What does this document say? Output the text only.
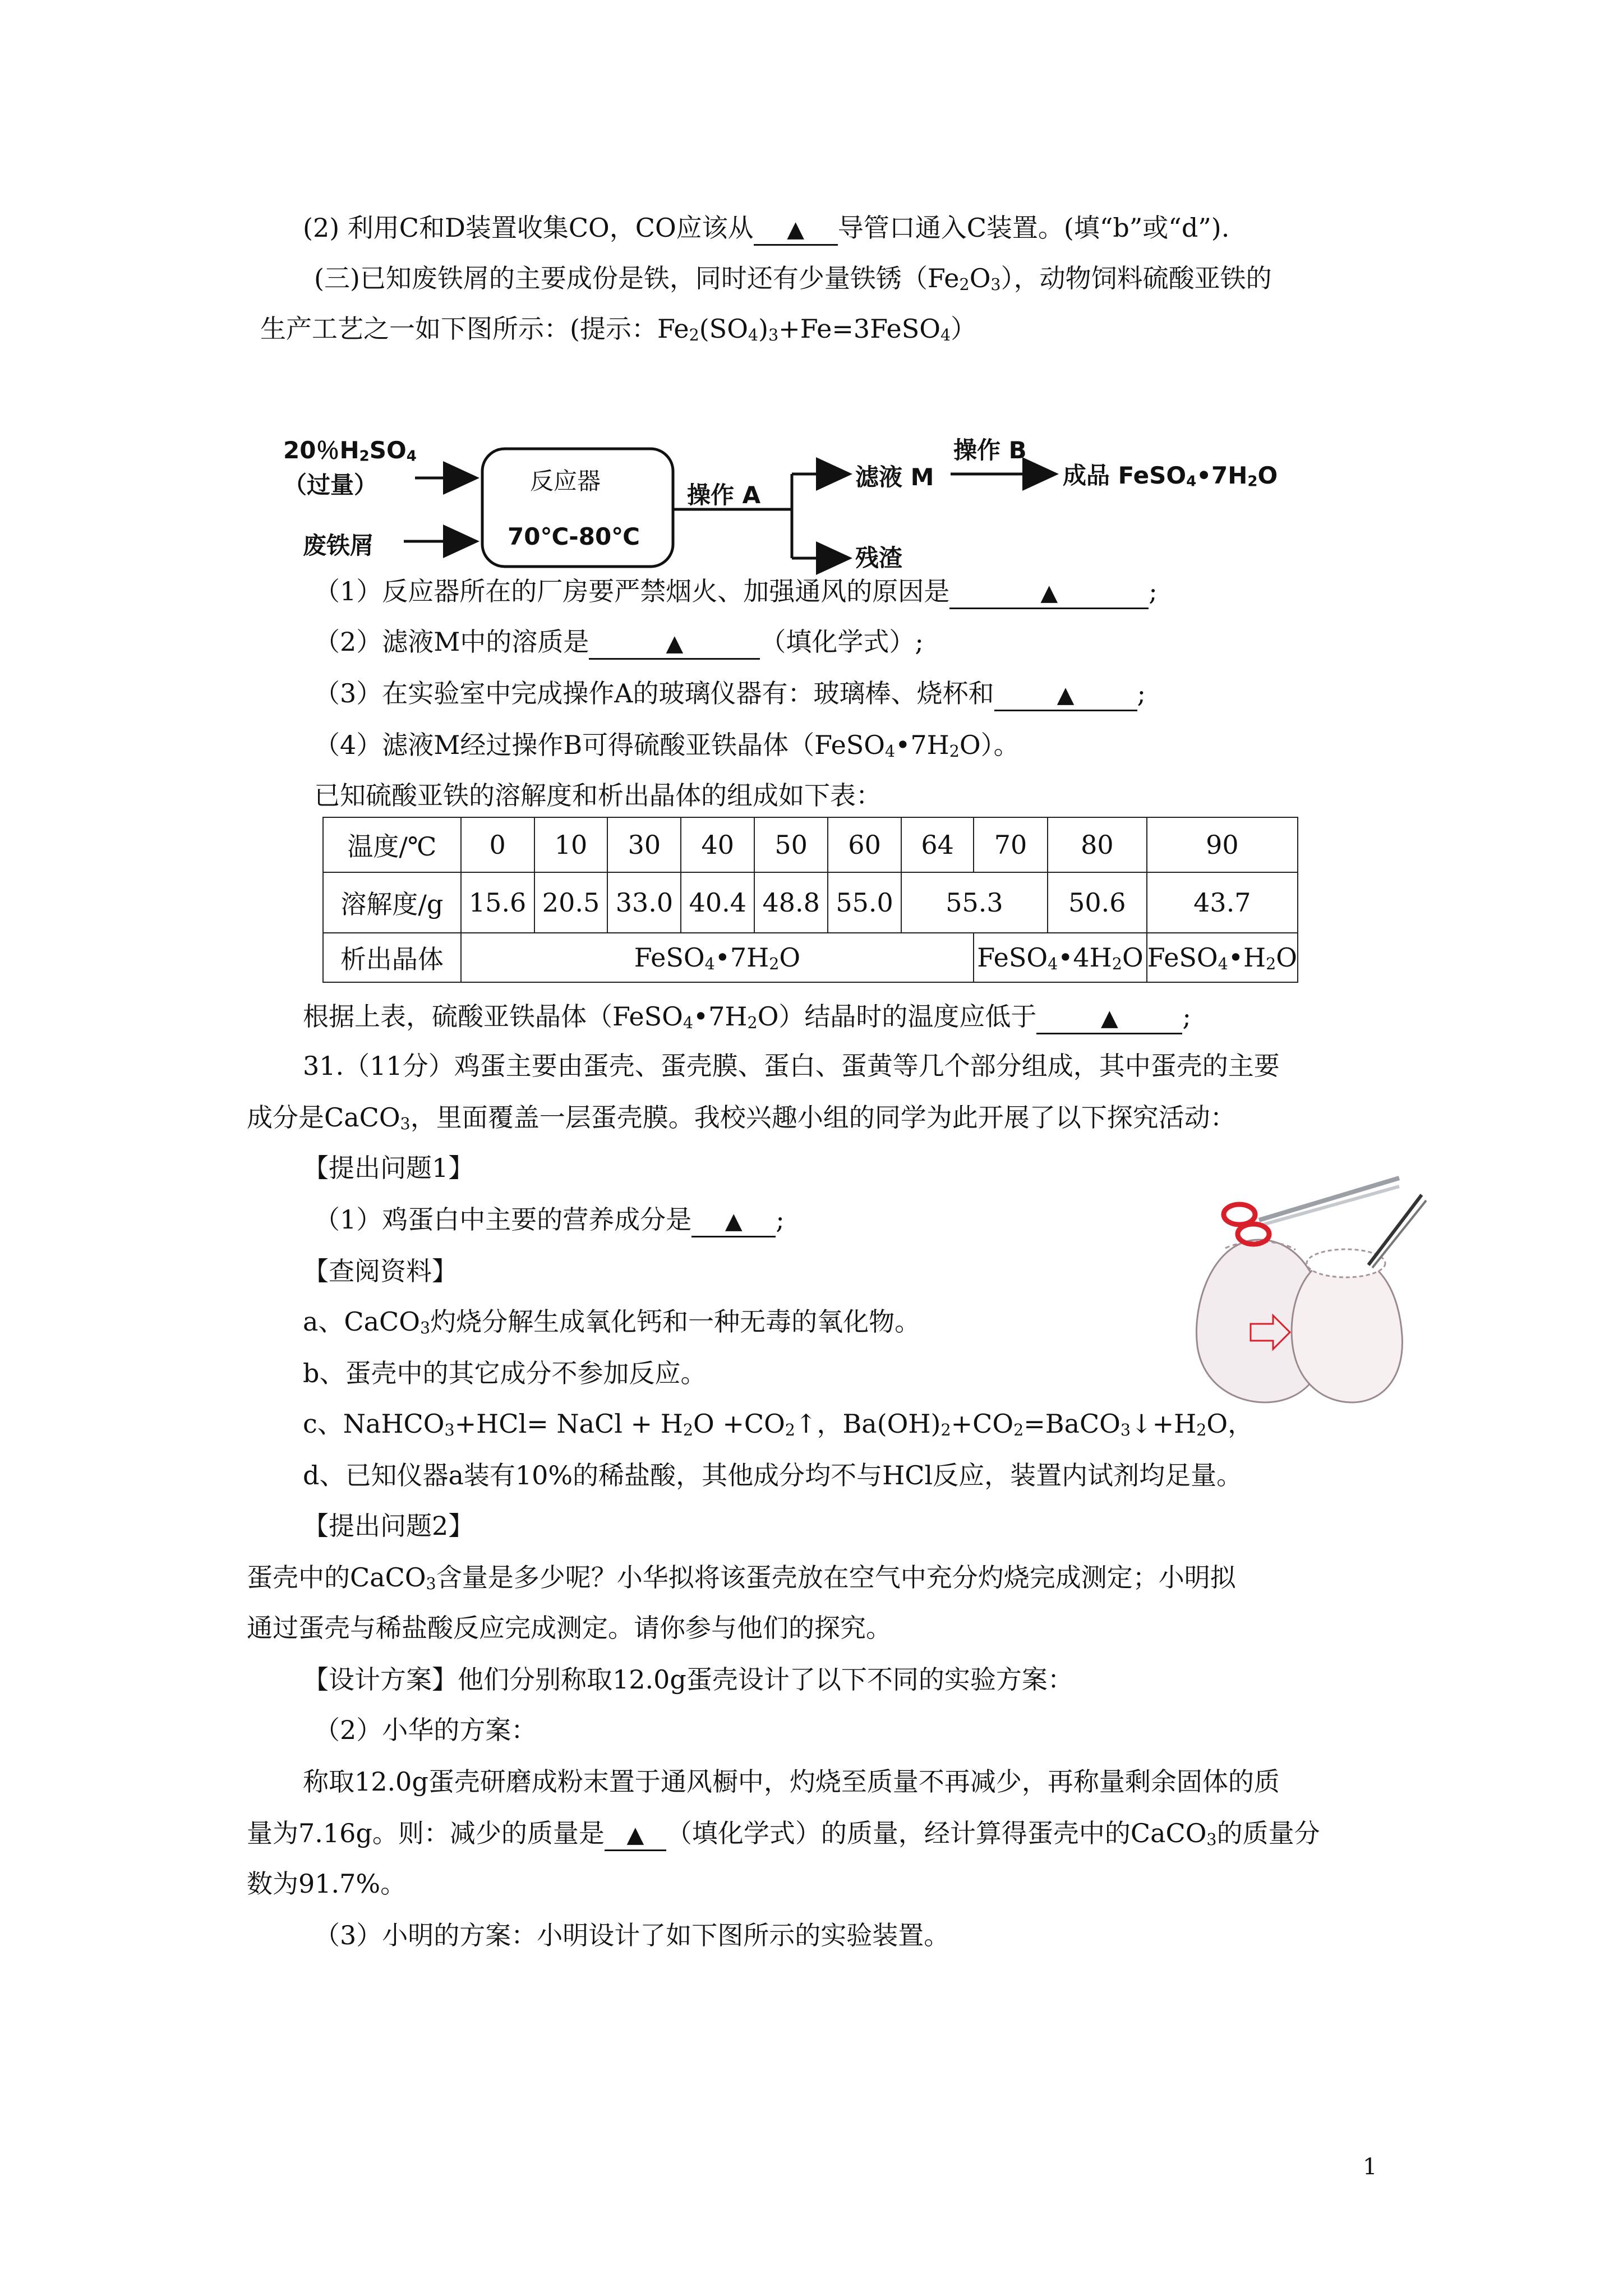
(2) 利用C和D装置收集CO，CO应该从 ▲ 导管口通入C装置。(填“b”或“d”).
(三)已知废铁屑的主要成份是铁，同时还有少量铁锈$(Fe_2O_3)$，动物饲料硫酸亚铁的
生产工艺之一如下图所示：(提示：$Fe_2(SO_4)_3+Fe=3FeSO_4$）
20％$H_2SO_4$
（过量）
废铁屑
反应器
70℃-80℃
操作 A
滤液 M
操作 B
成品 $FeSO_4•7H_2O$
残渣
（1）反应器所在的厂房要严禁烟火、加强通风的原因是	▲	;
（2）滤液M中的溶质是	▲	（填化学式）;
（3）在实验室中完成操作A的玻璃仪器有：玻璃棒、烧杯和	▲ ;
（4）滤液M经过操作B可得硫酸亚铁晶体$(FeSO_4•7H_2O)$。
已知硫酸亚铁的溶解度和析出晶体的组成如下表：
温度/℃	0	10	30	40	50	60	64	70	80	90
溶解度/g	15.6	20.5	33.0	40.4	48.8	55.0	55.3		50.6	43.7
析出晶体	$FeSO_4•7H_2O$							$FeSO_4•4H_2O$		$FeSO_4•H_2O$
根据上表，硫酸亚铁晶体$(FeSO_4•7H_2O)$结晶时的温度应低于	▲ ;
31.（11分）鸡蛋主要由蛋壳、蛋壳膜、蛋白、蛋黄等几个部分组成，其中蛋壳的主要
成分是CaCO$_3$，里面覆盖一层蛋壳膜。我校兴趣小组的同学为此开展了以下探究活动：
【提出问题1】
（1）鸡蛋白中主要的营养成分是 ▲ ;
【查阅资料】
a、CaCO$_3$灼烧分解生成氧化钙和一种无毒的氧化物。
b、蛋壳中的其它成分不参加反应。
c、NaHCO$_3$+HCl= NaCl + $H_2O$ $+CO_2↑$，$Ba(OH)_2+CO_2=BaCO_3↓+H_2O$，
d、已知仪器a装有10%的稀盐酸，其他成分均不与HCl反应，装置内试剂均足量。
【提出问题2】
蛋壳中的CaCO$_3$含量是多少呢？小华拟将该蛋壳放在空气中充分灼烧完成测定；小明拟
通过蛋壳与稀盐酸反应完成测定。请你参与他们的探究。
【设计方案】他们分别称取12.0g蛋壳设计了以下不同的实验方案：
（2）小华的方案：
称取12.0g蛋壳研磨成粉末置于通风橱中，灼烧至质量不再减少，再称量剩余固体的质
量为7.16g。则：减少的质量是 ▲ （填化学式）的质量，经计算得蛋壳中的CaCO$_3$的质量分
数为91.7%。
（3）小明的方案：小明设计了如下图所示的实验装置。
1
